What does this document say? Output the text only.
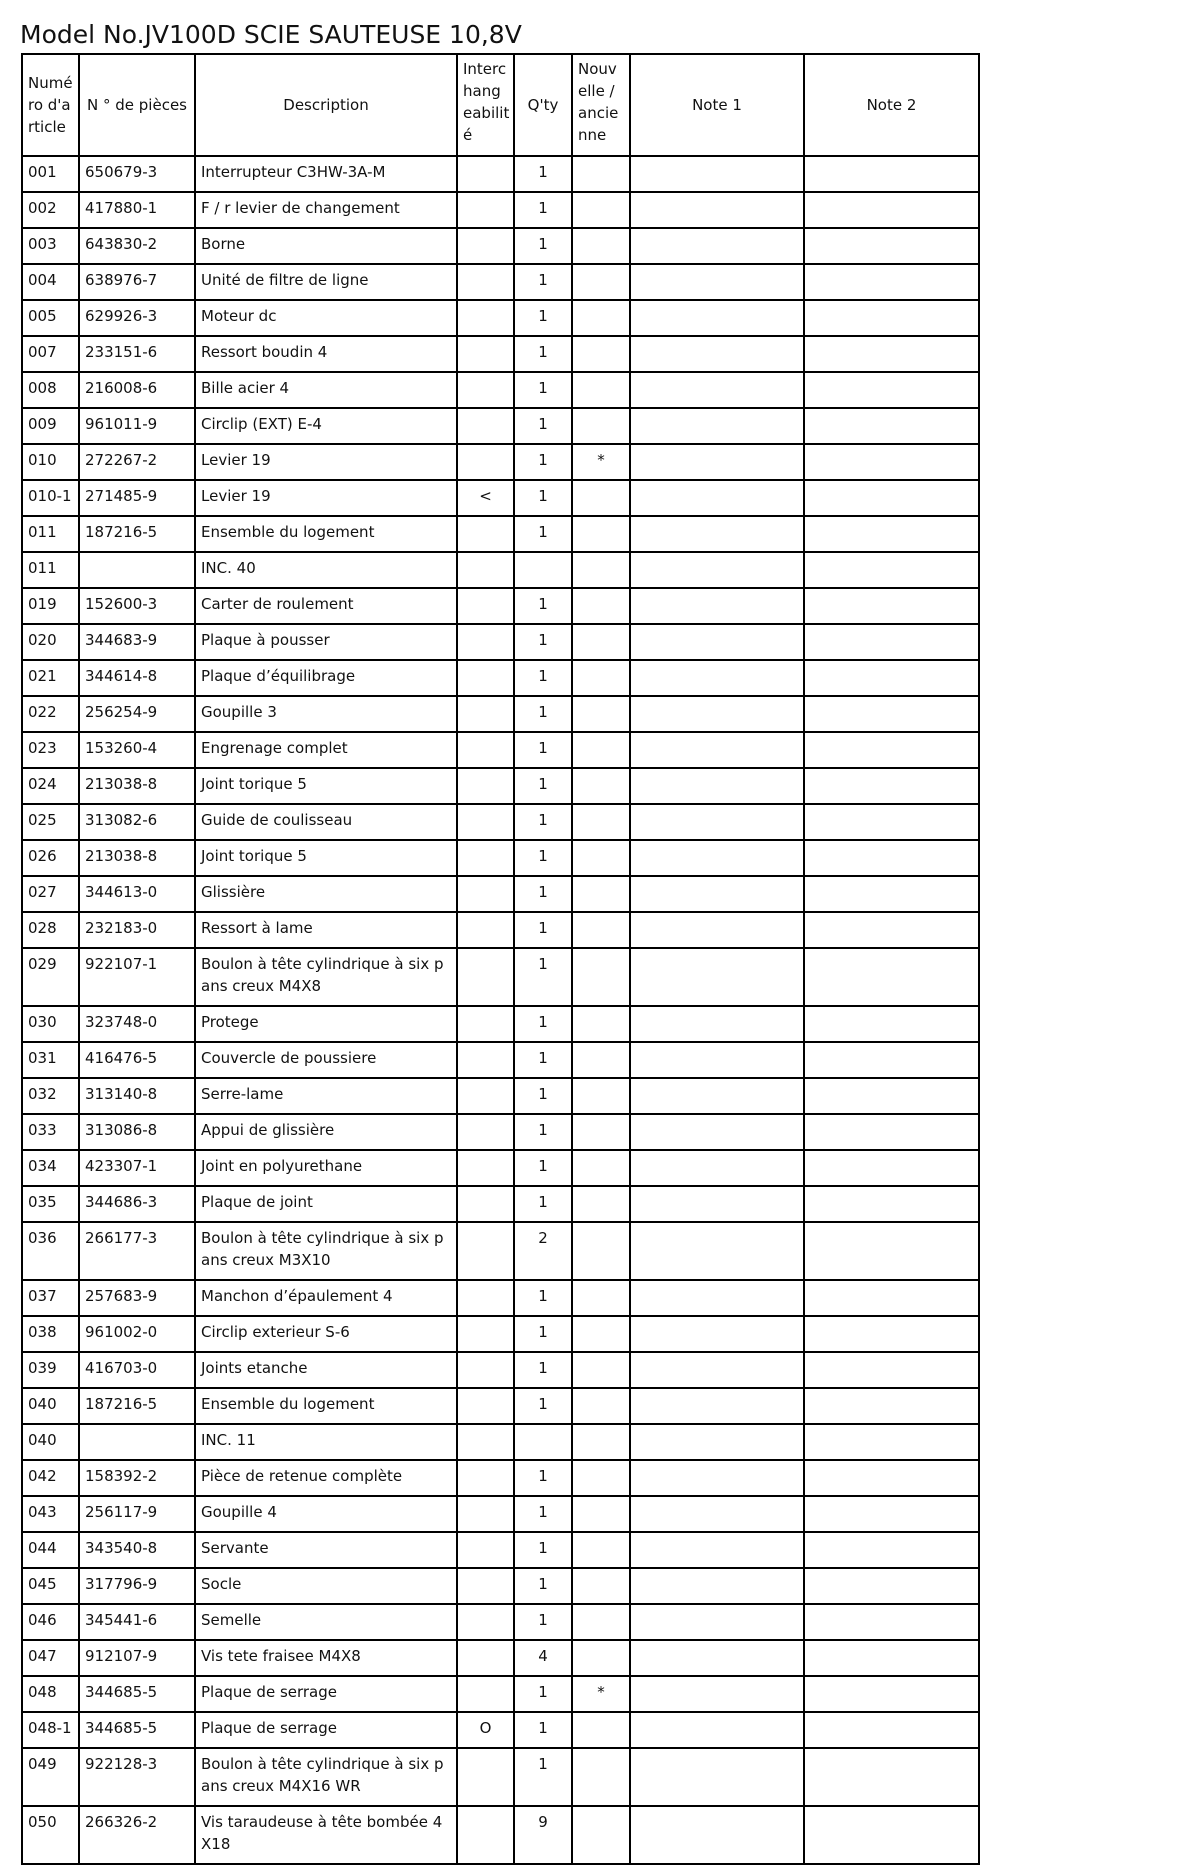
Model No.JV100D SCIE SAUTEUSE 10,8V
Numé ro d'a rticle	N ° de pièces	Description	Interc hang eabilit é	Q'ty	Nouv elle / ancie nne	Note 1	Note 2
001	650679-3	Interrupteur C3HW-3A-M		1			
002	417880-1	F / r levier de changement		1			
003	643830-2	Borne		1			
004	638976-7	Unité de filtre de ligne		1			
005	629926-3	Moteur dc		1			
007	233151-6	Ressort boudin 4		1			
008	216008-6	Bille acier 4		1			
009	961011-9	Circlip (EXT) E-4		1			
010	272267-2	Levier 19		1	*		
010-1	271485-9	Levier 19	<	1			
011	187216-5	Ensemble du logement		1			
011		INC. 40					
019	152600-3	Carter de roulement		1			
020	344683-9	Plaque à pousser		1			
021	344614-8	Plaque d’équilibrage		1			
022	256254-9	Goupille 3		1			
023	153260-4	Engrenage complet		1			
024	213038-8	Joint torique 5		1			
025	313082-6	Guide de coulisseau		1			
026	213038-8	Joint torique 5		1			
027	344613-0	Glissière		1			
028	232183-0	Ressort à lame		1			
029	922107-1	Boulon à tête cylindrique à six pans creux M4X8		1			
030	323748-0	Protege		1			
031	416476-5	Couvercle de poussiere		1			
032	313140-8	Serre-lame		1			
033	313086-8	Appui de glissière		1			
034	423307-1	Joint en polyurethane		1			
035	344686-3	Plaque de joint		1			
036	266177-3	Boulon à tête cylindrique à six pans creux M3X10		2			
037	257683-9	Manchon d’épaulement 4		1			
038	961002-0	Circlip exterieur S-6		1			
039	416703-0	Joints etanche		1			
040	187216-5	Ensemble du logement		1			
040		INC. 11					
042	158392-2	Pièce de retenue complète		1			
043	256117-9	Goupille 4		1			
044	343540-8	Servante		1			
045	317796-9	Socle		1			
046	345441-6	Semelle		1			
047	912107-9	Vis tete fraisee M4X8		4			
048	344685-5	Plaque de serrage		1	*		
048-1	344685-5	Plaque de serrage	O	1			
049	922128-3	Boulon à tête cylindrique à six pans creux M4X16 WR		1			
050	266326-2	Vis taraudeuse à tête bombée 4X18		9			
